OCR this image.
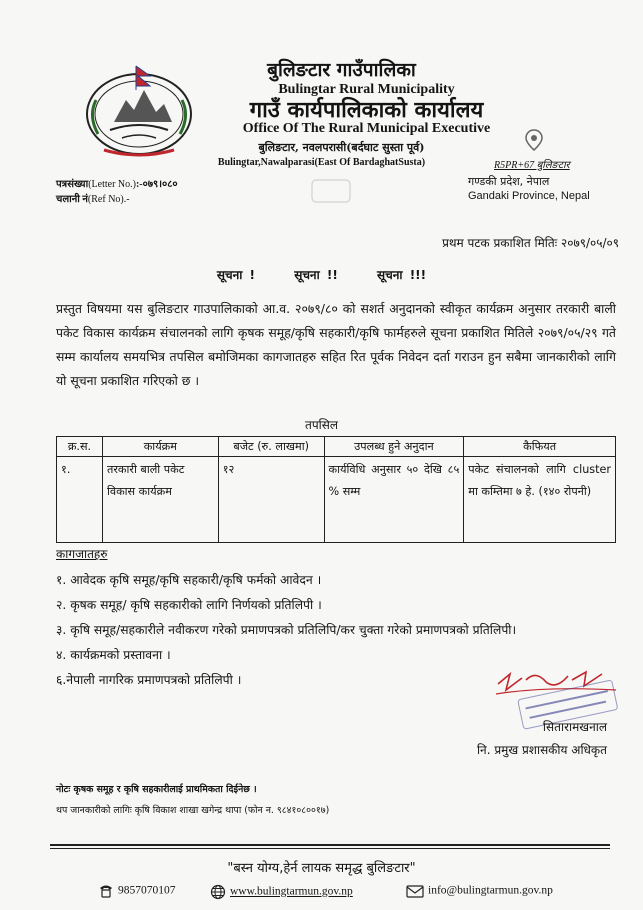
बुलिङटार गाउँपालिका
Bulingtar Rural Municipality
गाउँ कार्यपालिकाको कार्यालय
Office Of The Rural Municipal Executive
बुलिङटार, नवलपरासी(बर्दघाट सुस्ता पूर्व)
Bulingtar,Nawalparasi(East Of BardaghatSusta)	R5PR+67 बुलिङटार
गण्डकी प्रदेश, नेपाल
Gandaki Province, Nepal
पत्रसंख्या(Letter No.):-०७९।०८०
चलानी नं(Ref No).-
प्रथम पटक प्रकाशित मितिः २०७९/०५/०९
सूचना !	सूचना !!	सूचना !!!
प्रस्तुत विषयमा यस बुलिङटार गाउपालिकाको आ.व. २०७९/८० को सशर्त अनुदानको स्वीकृत कार्यक्रम अनुसार तरकारी बाली पकेट विकास कार्यक्रम संचालनको लागि कृषक समूह/कृषि सहकारी/कृषि फार्महरुले सूचना प्रकाशित मितिले २०७९/०५/२९ गते सम्म कार्यालय समयभित्र तपसिल बमोजिमका कागजातहरु सहित रित पूर्वक निवेदन दर्ता गराउन हुन सबैमा जानकारीको लागि यो सूचना प्रकाशित गरिएको छ ।
तपसिल
क्र.स.	कार्यक्रम	बजेट (रु. लाखमा)	उपलब्ध हुने अनुदान	कैफियत
१.	तरकारी बाली पकेट विकास कार्यक्रम	१२	कार्यविधि अनुसार ५० देखि ८५ % सम्म	पकेट संचालनको लागि cluster मा कम्तिमा ७ हे. (१४० रोपनी)
कागजातहरु
१. आवेदक कृषि समूह/कृषि सहकारी/कृषि फर्मको आवेदन ।
२. कृषक समूह/ कृषि सहकारीको लागि निर्णयको प्रतिलिपी ।
३. कृषि समूह/सहकारीले नवीकरण गरेको प्रमाणपत्रको प्रतिलिपि/कर चुक्ता गरेको प्रमाणपत्रको प्रतिलिपी।
४. कार्यक्रमको प्रस्तावना ।
६.नेपाली नागरिक प्रमाणपत्रको प्रतिलिपी ।
सितारामखनाल
नि. प्रमुख प्रशासकीय अधिकृत
नोटः कृषक समूह र कृषि सहकारीलाई प्राथमिकता दिईनेछ ।
थप जानकारीको लागिः कृषि विकाश शाखा खगेन्द्र थापा (फोन न. ९८४१०८००१७)
"बस्न योग्य,हेर्न लायक समृद्ध बुलिङटार"
9857070107	www.bulingtarmun.gov.np	info@bulingtarmun.gov.np
